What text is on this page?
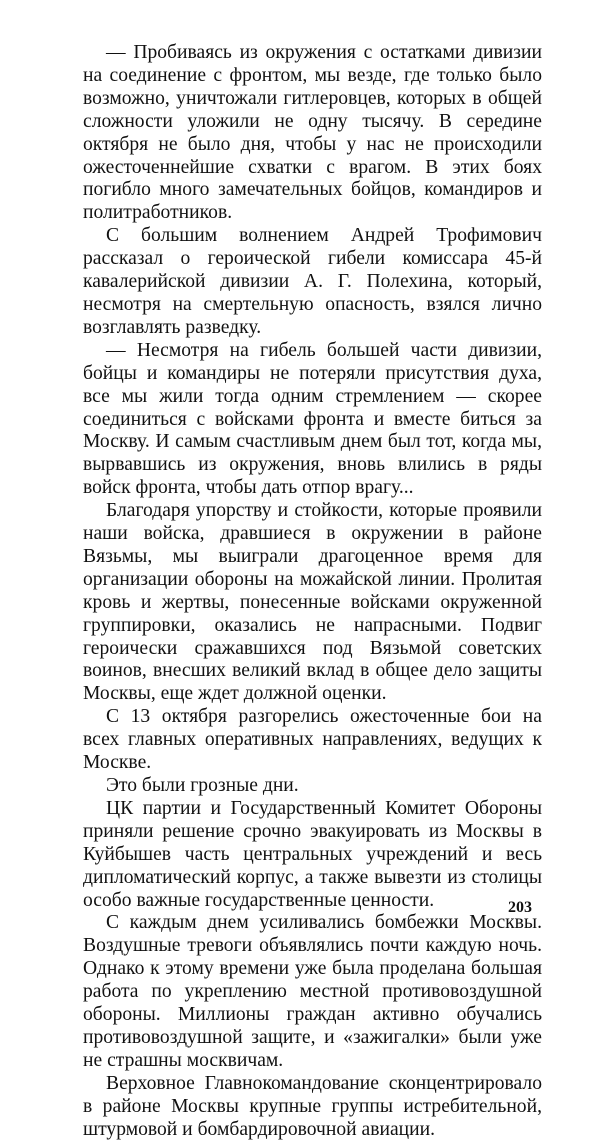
— Пробиваясь из окружения с остатками дивизии на соединение с фронтом, мы везде, где только было возможно, уничтожали гитлеровцев, которых в общей сложности уложили не одну тысячу. В середине октября не было дня, чтобы у нас не происходили ожесточеннейшие схватки с врагом. В этих боях погибло много замечательных бойцов, командиров и политработников.

С большим волнением Андрей Трофимович рассказал о героической гибели комиссара 45-й кавалерийской дивизии А. Г. Полехина, который, несмотря на смертельную опасность, взялся лично возглавлять разведку.

— Несмотря на гибель большей части дивизии, бойцы и командиры не потеряли присутствия духа, все мы жили тогда одним стремлением — скорее соединиться с войсками фронта и вместе биться за Москву. И самым счастливым днем был тот, когда мы, вырвавшись из окружения, вновь влились в ряды войск фронта, чтобы дать отпор врагу...

Благодаря упорству и стойкости, которые проявили наши войска, дравшиеся в окружении в районе Вязьмы, мы выиграли драгоценное время для организации обороны на можайской линии. Пролитая кровь и жертвы, понесенные войсками окруженной группировки, оказались не напрасными. Подвиг героически сражавшихся под Вязьмой советских воинов, внесших великий вклад в общее дело защиты Москвы, еще ждет должной оценки.

С 13 октября разгорелись ожесточенные бои на всех главных оперативных направлениях, ведущих к Москве.

Это были грозные дни.

ЦК партии и Государственный Комитет Обороны приняли решение срочно эвакуировать из Москвы в Куйбышев часть центральных учреждений и весь дипломатический корпус, а также вывезти из столицы особо важные государственные ценности.

С каждым днем усиливались бомбежки Москвы. Воздушные тревоги объявлялись почти каждую ночь. Однако к этому времени уже была проделана большая работа по укреплению местной противовоздушной обороны. Миллионы граждан активно обучались противовоздушной защите, и «зажигалки» были уже не страшны москвичам.

Верховное Главнокомандование сконцентрировало в районе Москвы крупные группы истребительной, штурмовой и бомбардировочной авиации.

203
